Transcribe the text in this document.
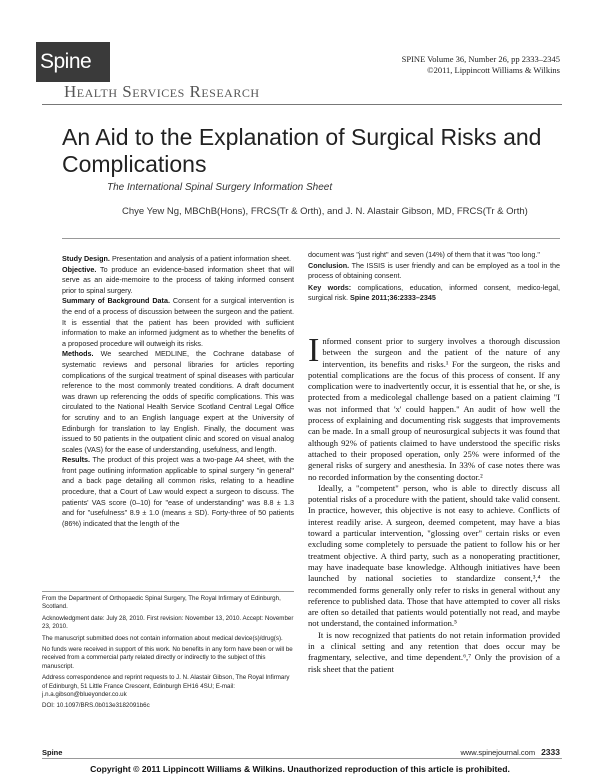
Spine	SPINE Volume 36, Number 26, pp 2333–2345
©2011, Lippincott Williams & Wilkins
Health Services Research
An Aid to the Explanation of Surgical Risks and Complications
The International Spinal Surgery Information Sheet
Chye Yew Ng, MBChB(Hons), FRCS(Tr & Orth), and J. N. Alastair Gibson, MD, FRCS(Tr & Orth)

Study Design. Presentation and analysis of a patient information sheet.

Objective. To produce an evidence-based information sheet that will serve as an aide-memoire to the process of taking informed consent prior to spinal surgery.

Summary of Background Data. Consent for a surgical intervention is the end of a process of discussion between the surgeon and the patient. It is essential that the patient has been provided with sufficient information to make an informed judgment as to whether the benefits of a proposed procedure will outweigh its risks.

Methods. We searched MEDLINE, the Cochrane database of systematic reviews and personal libraries for articles reporting complications of the surgical treatment of spinal diseases with particular reference to the most commonly treated conditions. A draft document was drawn up referencing the odds of specific complications. This was circulated to the National Health Service Scotland Central Legal Office for scrutiny and to an English language expert at the University of Edinburgh for translation to lay English. Finally, the document was issued to 50 patients in the outpatient clinic and scored on visual analog scales (VAS) for the ease of understanding, usefulness, and length.

Results. The product of this project was a two-page A4 sheet, with the front page outlining information applicable to spinal surgery "in general" and a back page detailing all common risks, relating to a headline procedure, that a Court of Law would expect a surgeon to discuss. The patients' VAS score (0–10) for "ease of understanding" was 8.8 ± 1.3 and for "usefulness" 8.9 ± 1.0 (means ± SD). Forty-three of 50 patients (86%) indicated that the length of the

document was "just right" and seven (14%) of them that it was "too long."

Conclusion. The ISSIS is user friendly and can be employed as a tool in the process of obtaining consent.

Key words: complications, education, informed consent, medico-legal, surgical risk. Spine 2011;36:2333–2345

Informed consent prior to surgery involves a thorough discussion between the surgeon and the patient of the nature of any intervention, its benefits and risks.¹ For the surgeon, the risks and potential complications are the focus of this process of consent. If any complication were to inadvertently occur, it is essential that he, or she, is protected from a medicolegal challenge based on a patient claiming "I was not informed that 'x' could happen." An audit of how well the process of explaining and documenting risk suggests that improvements can be made. In a small group of neurosurgical subjects it was found that although 92% of patients claimed to have understood the specific risks attached to their proposed operation, only 25% were informed of the general risks of surgery and anesthesia. In 33% of case notes there was no recorded information by the consenting doctor.²

Ideally, a "competent" person, who is able to directly discuss all potential risks of a procedure with the patient, should take valid consent. In practice, however, this objective is not easy to achieve. Conflicts of interest readily arise. A surgeon, deemed competent, may have a bias toward a particular intervention, "glossing over" certain risks or even excluding some completely to persuade the patient to follow his or her treatment objective. A third party, such as a nonoperating practitioner, may have inadequate base knowledge. Although initiatives have been launched by national societies to standardize consent,³,⁴ the recommended forms generally only refer to risks in general without any reference to published data. Those that have attempted to cover all risks are often so detailed that patients would potentially not read, and maybe not understand, the contained information.⁵

It is now recognized that patients do not retain information provided in a clinical setting and any retention that does occur may be fragmentary, selective, and time dependent.⁶,⁷ Only the provision of a risk sheet that the patient

From the Department of Orthopaedic Spinal Surgery, The Royal Infirmary of Edinburgh, Scotland.

Acknowledgment date: July 28, 2010. First revision: November 13, 2010. Accept: November 23, 2010.

The manuscript submitted does not contain information about medical device(s)/drug(s).

No funds were received in support of this work. No benefits in any form have been or will be received from a commercial party related directly or indirectly to the subject of this manuscript.

Address correspondence and reprint requests to J. N. Alastair Gibson, The Royal Infirmary of Edinburgh, 51 Little France Crescent, Edinburgh EH16 4SU; E-mail: j.n.a.gibson@blueyonder.co.uk

DOI: 10.1097/BRS.0b013e3182091b6c

Spine	www.spinejournal.com 2333
Copyright © 2011 Lippincott Williams & Wilkins. Unauthorized reproduction of this article is prohibited.
